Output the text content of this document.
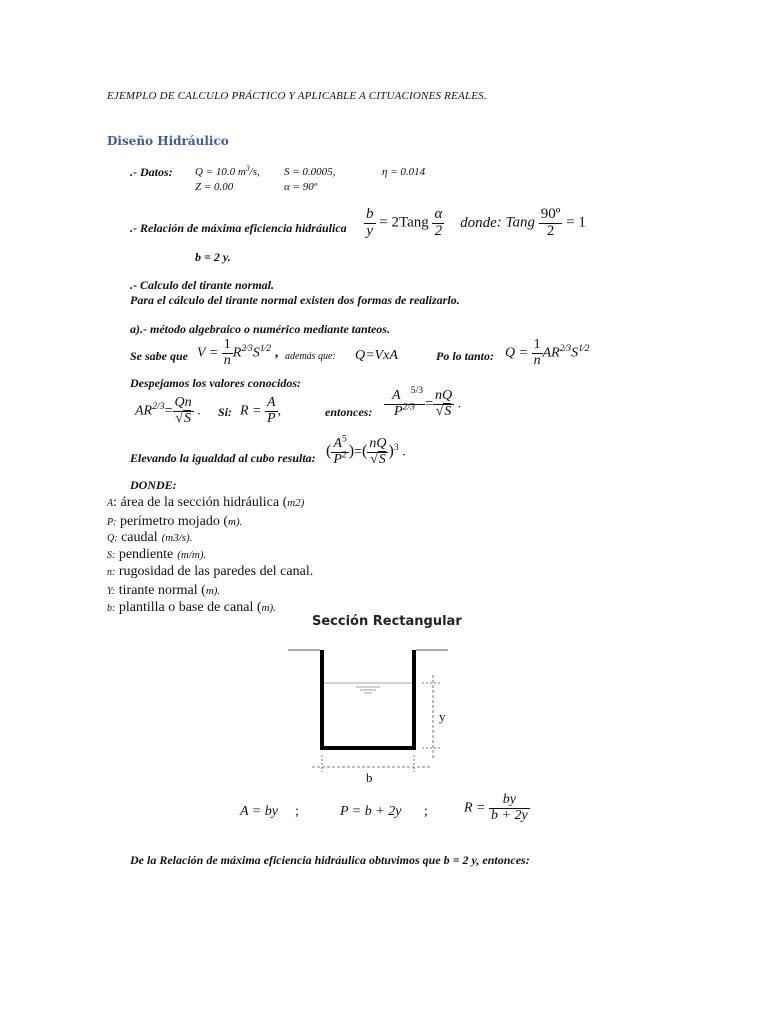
EJEMPLO DE CALCULO PRÁCTICO Y APLICABLE A CITUACIONES REALES.
Diseño Hidráulico
.- Datos: Q = 10.0 $m^3/s$, S = 0.0005,	η = 0.014
Z = 0.00	α = 90º
.- Relación de máxima eficiencia hidráulica $\frac{b}{y}$ = 2Tang $\frac{\alpha}{2}$ donde: Tang $\frac{\text{90º}}{2} = 1$
b = 2 y.
.- Calculo del tirante normal.
Para el cálculo del tirante normal existen dos formas de realizarlo.
a).- método algebraico o numérico mediante tanteos.
Se sabe que $V = \frac{1}{n} R^{2⁄3}S^{1⁄2}$ , además que: Q=VxA	Po lo tanto: $Q = \frac{1}{n} AR^{2⁄3}S^{1⁄2}$
Despejamos los valores conocidos:
$AR^{2/3}= \frac{Qn}{√S}$ . Si: $R = \frac{A}{P}$ ,	entonces: $\frac{A ^{5/3}}{P^{2/3}} = \frac{nQ}{√S}$ .
Elevando la igualdad al cubo resulta: ( $\frac{A^5}{P^2}$ )=( $\frac{nQ}{√S} )^3$ .
DONDE:
A: área de la sección hidráulica (m2)
P: perímetro mojado (m).
Q: caudal (m3/s).
S: pendiente (m/m).
n: rugosidad de las paredes del canal.
Y: tirante normal (m).
b: plantilla o base de canal (m).
Sección Rectangular
y
b
A = by ;	P = b + 2y ;	$R = \frac{by}{b + 2y}$
De la Relación de máxima eficiencia hidráulica obtuvimos que b = 2 y, entonces:
